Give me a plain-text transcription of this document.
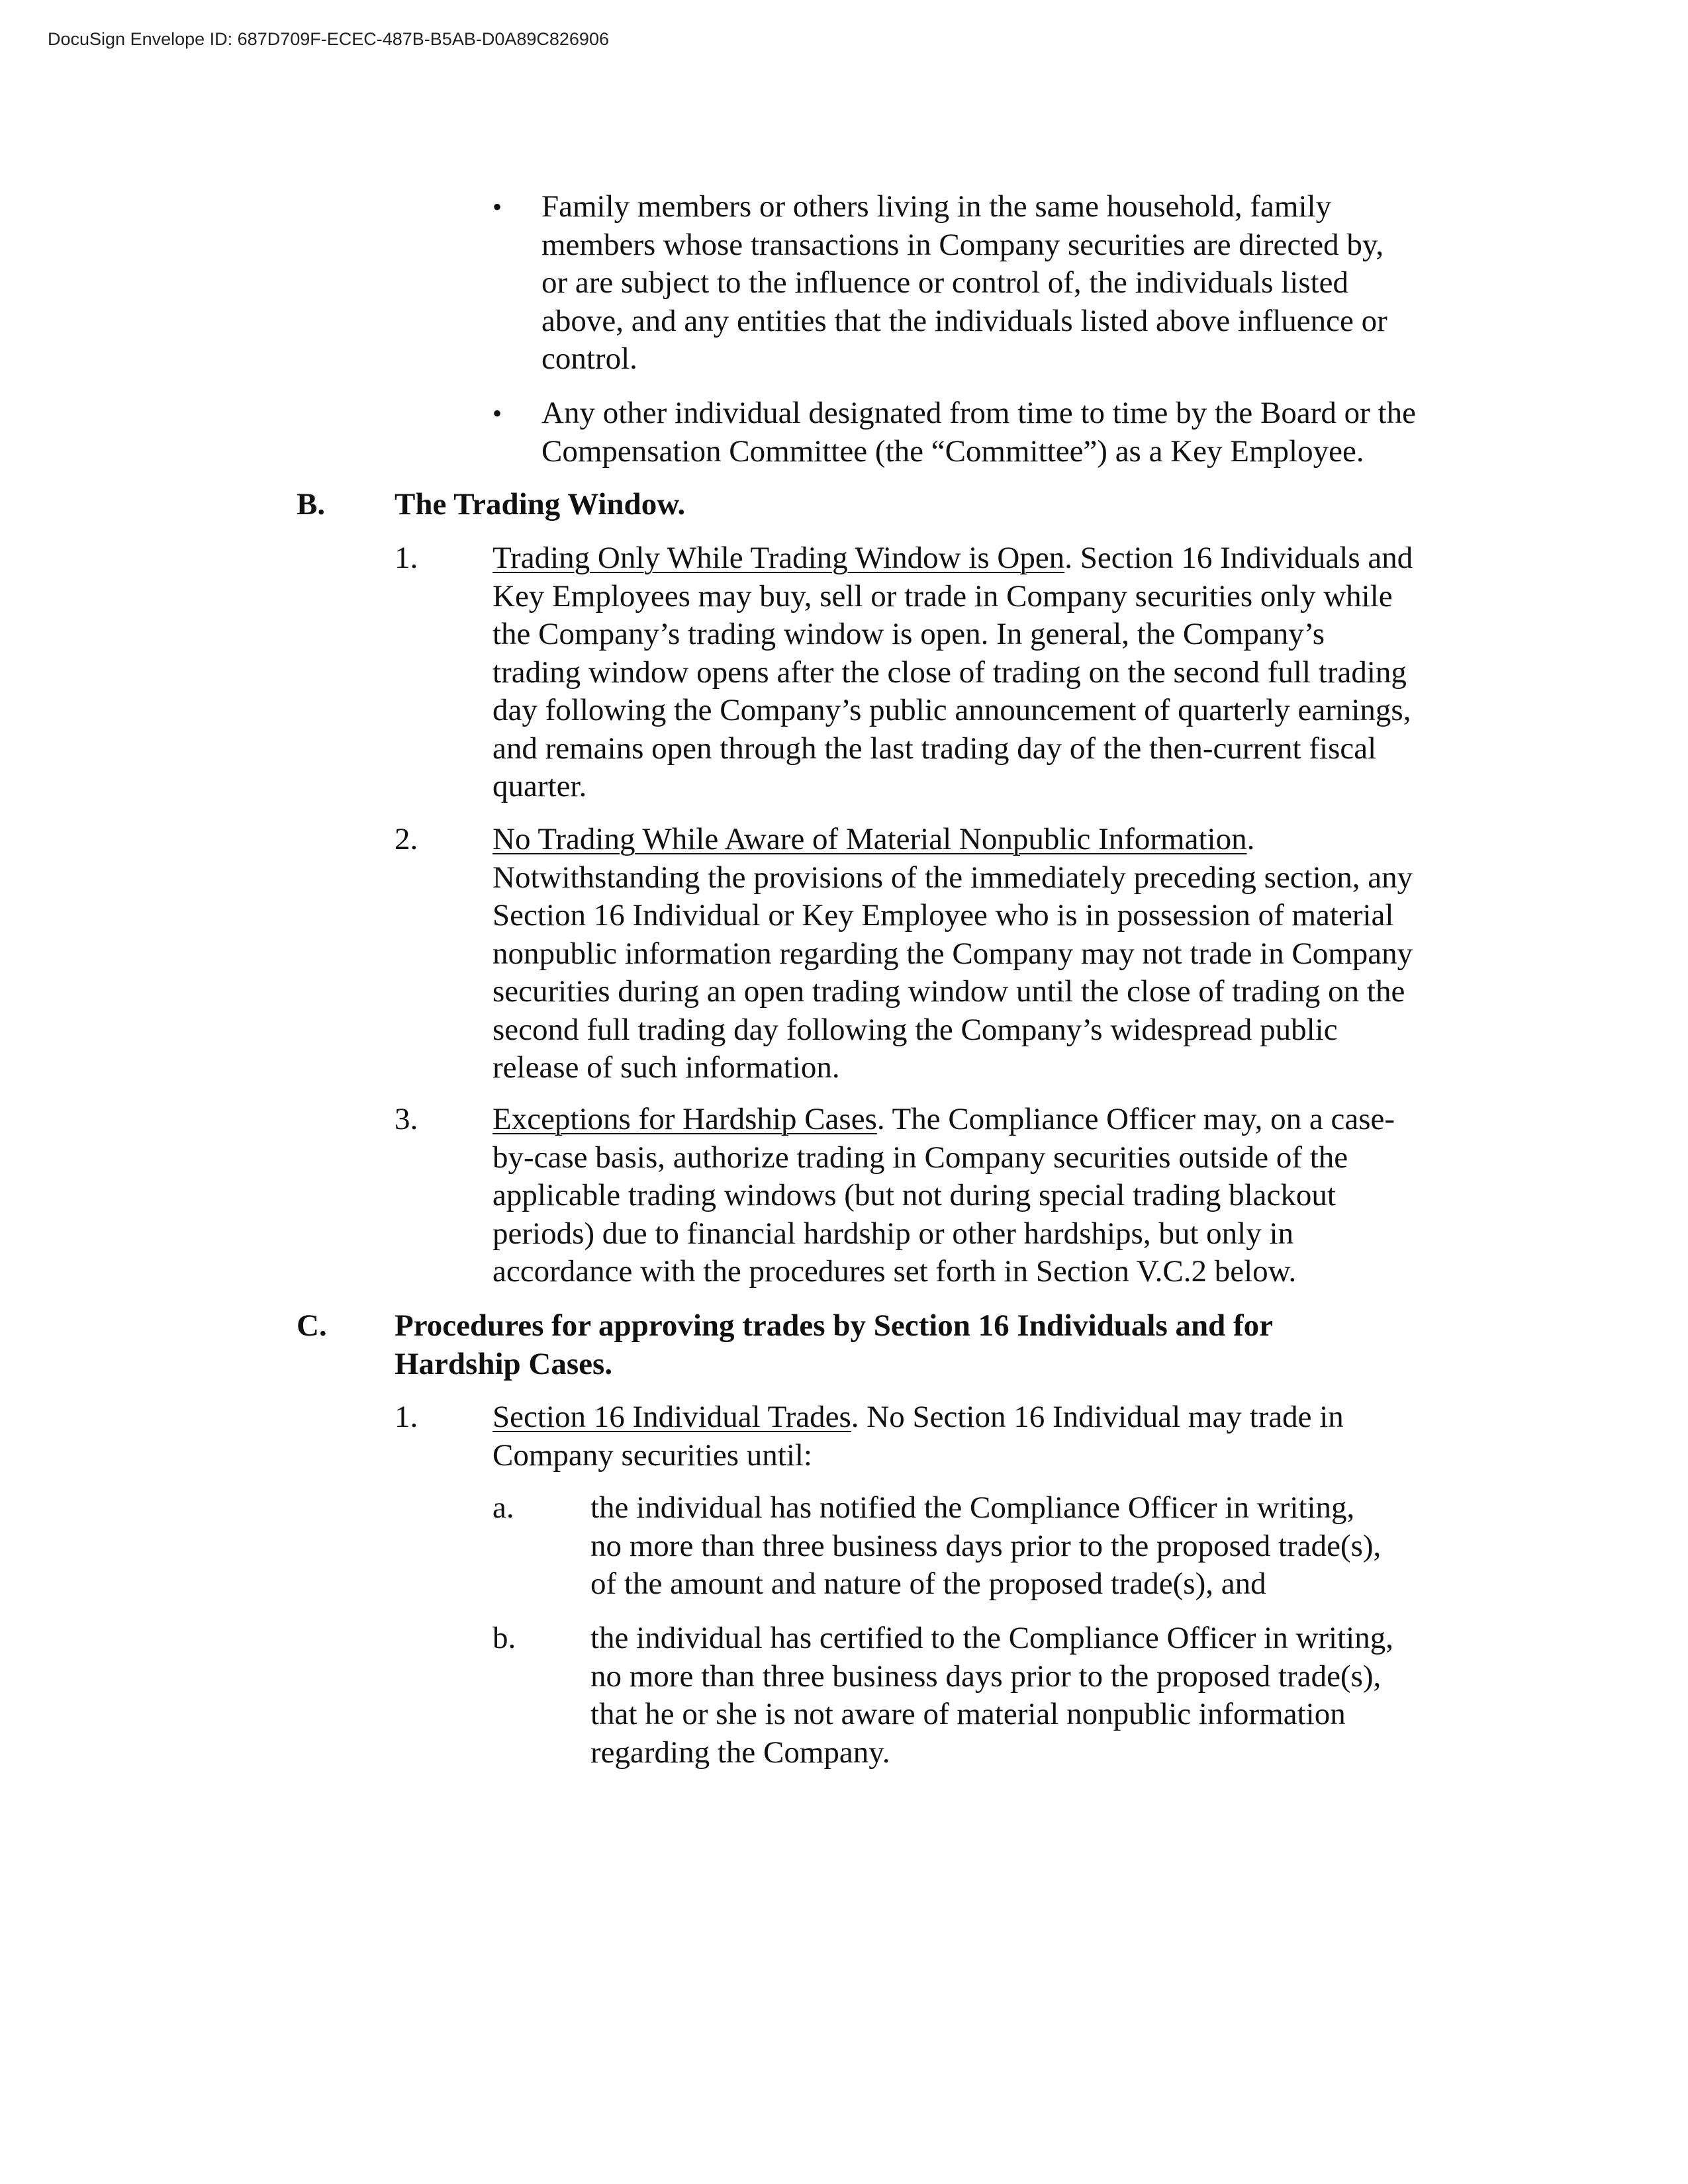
DocuSign Envelope ID: 687D709F-ECEC-487B-B5AB-D0A89C826906
• Family members or others living in the same household, family
members whose transactions in Company securities are directed by,
or are subject to the influence or control of, the individuals listed
above, and any entities that the individuals listed above influence or
control.
• Any other individual designated from time to time by the Board or the
Compensation Committee (the “Committee”) as a Key Employee.
B. The Trading Window.
1. Trading Only While Trading Window is Open. Section 16 Individuals and
Key Employees may buy, sell or trade in Company securities only while
the Company’s trading window is open. In general, the Company’s
trading window opens after the close of trading on the second full trading
day following the Company’s public announcement of quarterly earnings,
and remains open through the last trading day of the then-current fiscal
quarter.
2. No Trading While Aware of Material Nonpublic Information.
Notwithstanding the provisions of the immediately preceding section, any
Section 16 Individual or Key Employee who is in possession of material
nonpublic information regarding the Company may not trade in Company
securities during an open trading window until the close of trading on the
second full trading day following the Company’s widespread public
release of such information.
3. Exceptions for Hardship Cases. The Compliance Officer may, on a case-
by-case basis, authorize trading in Company securities outside of the
applicable trading windows (but not during special trading blackout
periods) due to financial hardship or other hardships, but only in
accordance with the procedures set forth in Section V.C.2 below.
C. Procedures for approving trades by Section 16 Individuals and for
Hardship Cases.
1. Section 16 Individual Trades. No Section 16 Individual may trade in
Company securities until:
a. the individual has notified the Compliance Officer in writing,
no more than three business days prior to the proposed trade(s),
of the amount and nature of the proposed trade(s), and
b. the individual has certified to the Compliance Officer in writing,
no more than three business days prior to the proposed trade(s),
that he or she is not aware of material nonpublic information
regarding the Company.
